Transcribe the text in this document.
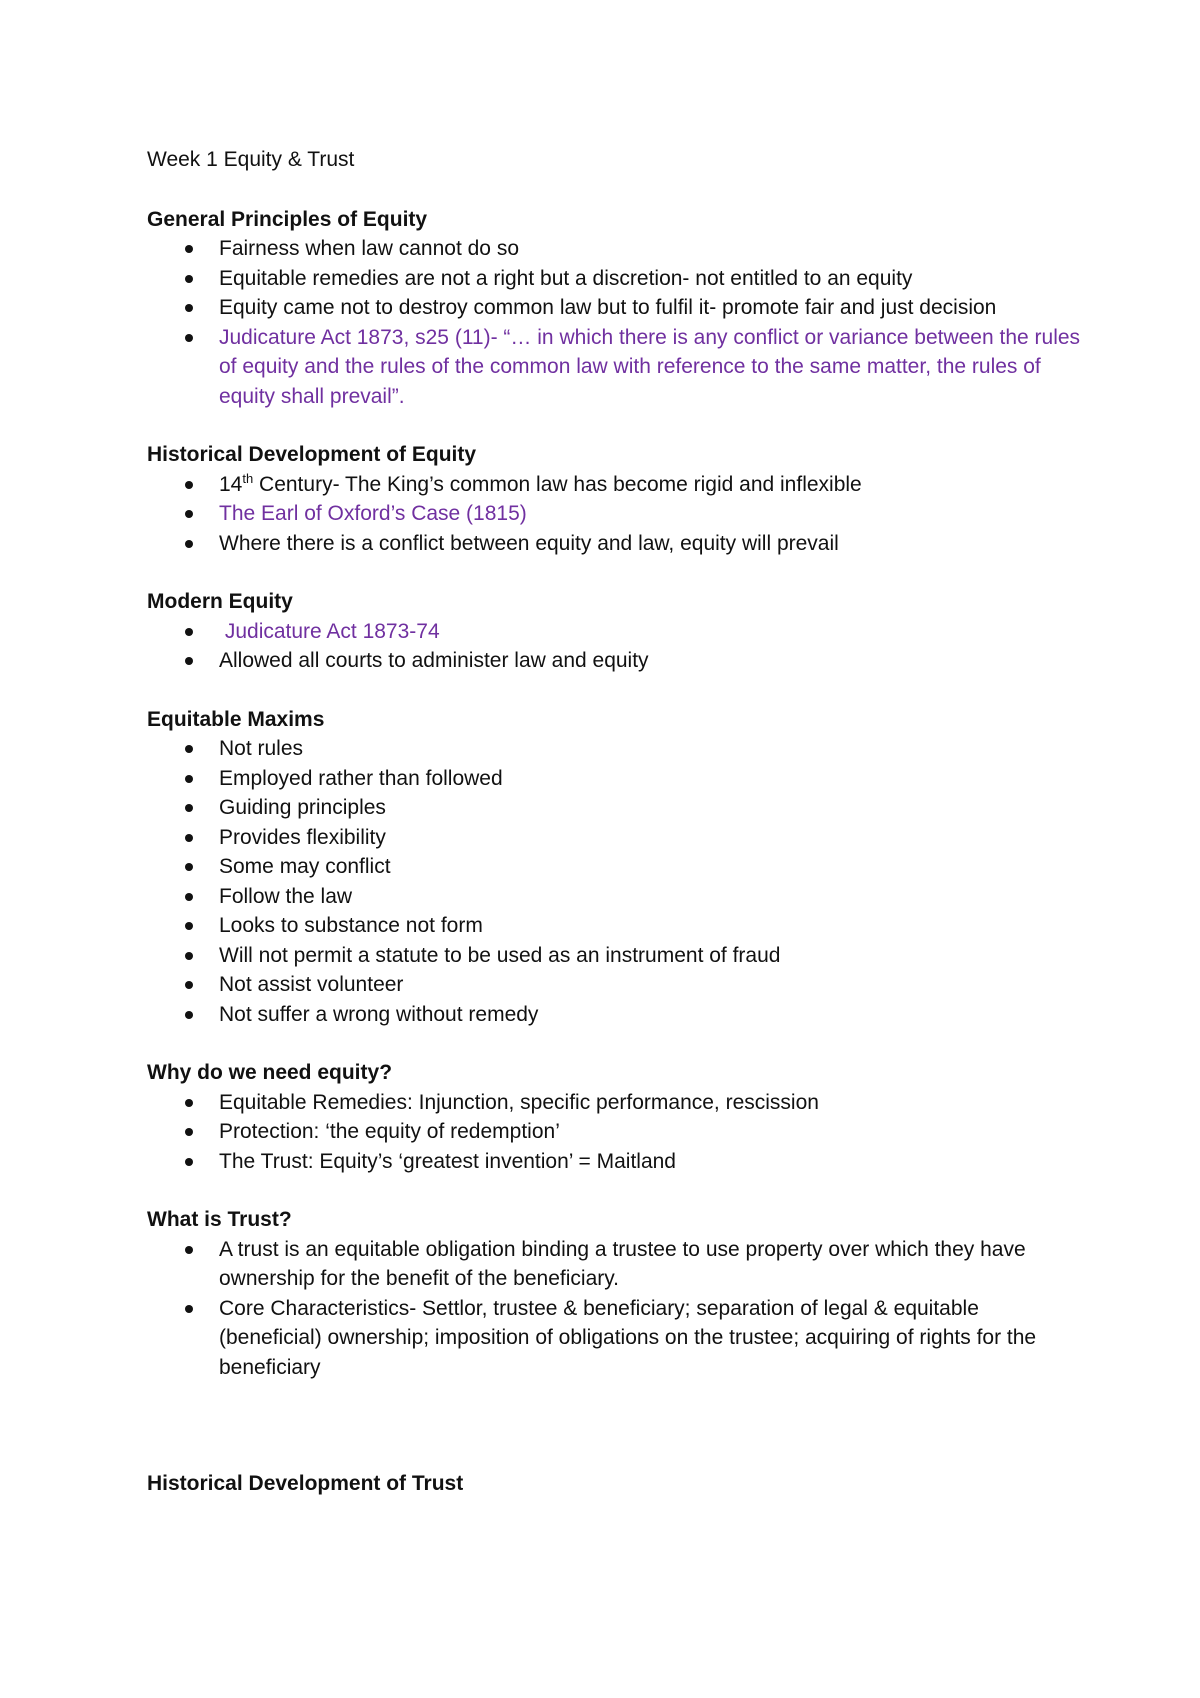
Week 1 Equity & Trust
General Principles of Equity
Fairness when law cannot do so
Equitable remedies are not a right but a discretion- not entitled to an equity
Equity came not to destroy common law but to fulfil it- promote fair and just decision
Judicature Act 1873, s25 (11)- “… in which there is any conflict or variance between the rules of equity and the rules of the common law with reference to the same matter, the rules of equity shall prevail”.
Historical Development of Equity
14th Century- The King’s common law has become rigid and inflexible
The Earl of Oxford’s Case (1815)
Where there is a conflict between equity and law, equity will prevail
Modern Equity
Judicature Act 1873-74
Allowed all courts to administer law and equity
Equitable Maxims
Not rules
Employed rather than followed
Guiding principles
Provides flexibility
Some may conflict
Follow the law
Looks to substance not form
Will not permit a statute to be used as an instrument of fraud
Not assist volunteer
Not suffer a wrong without remedy
Why do we need equity?
Equitable Remedies: Injunction, specific performance, rescission
Protection: ‘the equity of redemption’
The Trust: Equity’s ‘greatest invention’ = Maitland
What is Trust?
A trust is an equitable obligation binding a trustee to use property over which they have ownership for the benefit of the beneficiary.
Core Characteristics- Settlor, trustee & beneficiary; separation of legal & equitable (beneficial) ownership; imposition of obligations on the trustee; acquiring of rights for the beneficiary
Historical Development of Trust
